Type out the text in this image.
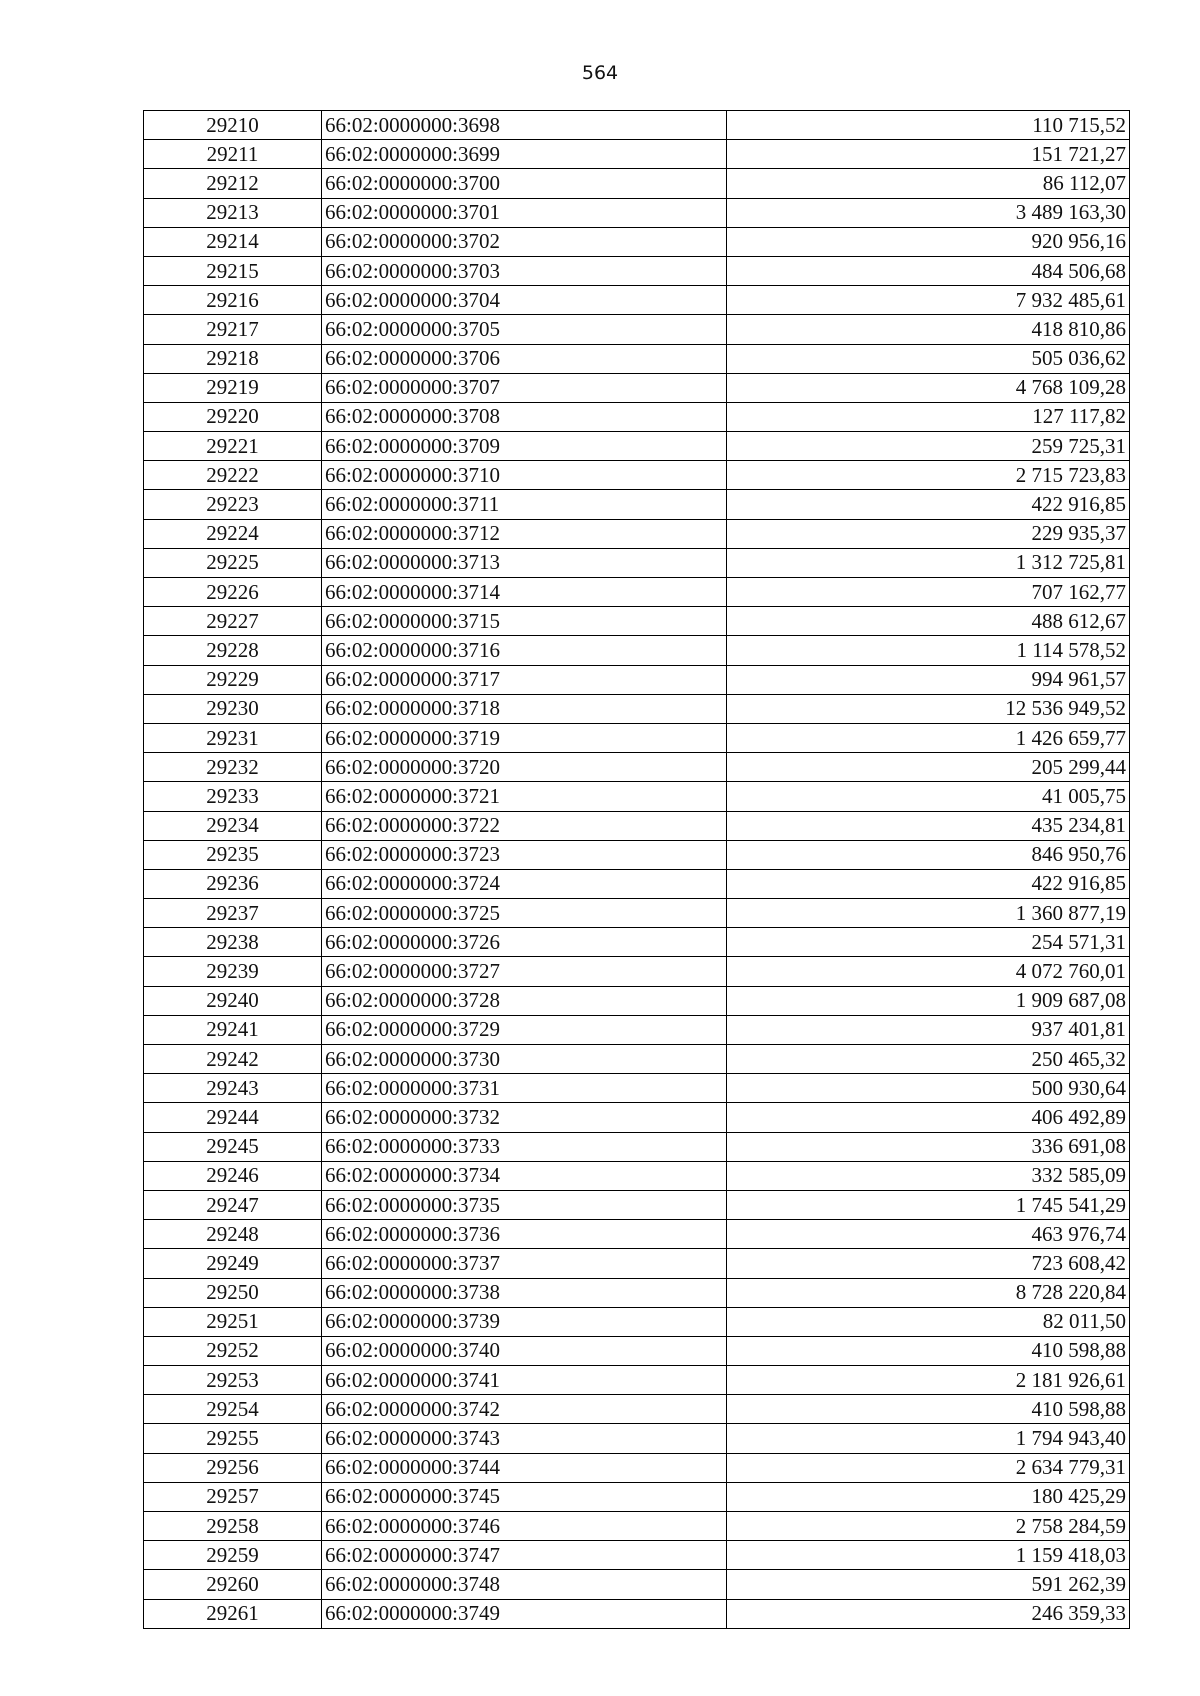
564
29210	66:02:0000000:3698	110 715,52
29211	66:02:0000000:3699	151 721,27
29212	66:02:0000000:3700	86 112,07
29213	66:02:0000000:3701	3 489 163,30
29214	66:02:0000000:3702	920 956,16
29215	66:02:0000000:3703	484 506,68
29216	66:02:0000000:3704	7 932 485,61
29217	66:02:0000000:3705	418 810,86
29218	66:02:0000000:3706	505 036,62
29219	66:02:0000000:3707	4 768 109,28
29220	66:02:0000000:3708	127 117,82
29221	66:02:0000000:3709	259 725,31
29222	66:02:0000000:3710	2 715 723,83
29223	66:02:0000000:3711	422 916,85
29224	66:02:0000000:3712	229 935,37
29225	66:02:0000000:3713	1 312 725,81
29226	66:02:0000000:3714	707 162,77
29227	66:02:0000000:3715	488 612,67
29228	66:02:0000000:3716	1 114 578,52
29229	66:02:0000000:3717	994 961,57
29230	66:02:0000000:3718	12 536 949,52
29231	66:02:0000000:3719	1 426 659,77
29232	66:02:0000000:3720	205 299,44
29233	66:02:0000000:3721	41 005,75
29234	66:02:0000000:3722	435 234,81
29235	66:02:0000000:3723	846 950,76
29236	66:02:0000000:3724	422 916,85
29237	66:02:0000000:3725	1 360 877,19
29238	66:02:0000000:3726	254 571,31
29239	66:02:0000000:3727	4 072 760,01
29240	66:02:0000000:3728	1 909 687,08
29241	66:02:0000000:3729	937 401,81
29242	66:02:0000000:3730	250 465,32
29243	66:02:0000000:3731	500 930,64
29244	66:02:0000000:3732	406 492,89
29245	66:02:0000000:3733	336 691,08
29246	66:02:0000000:3734	332 585,09
29247	66:02:0000000:3735	1 745 541,29
29248	66:02:0000000:3736	463 976,74
29249	66:02:0000000:3737	723 608,42
29250	66:02:0000000:3738	8 728 220,84
29251	66:02:0000000:3739	82 011,50
29252	66:02:0000000:3740	410 598,88
29253	66:02:0000000:3741	2 181 926,61
29254	66:02:0000000:3742	410 598,88
29255	66:02:0000000:3743	1 794 943,40
29256	66:02:0000000:3744	2 634 779,31
29257	66:02:0000000:3745	180 425,29
29258	66:02:0000000:3746	2 758 284,59
29259	66:02:0000000:3747	1 159 418,03
29260	66:02:0000000:3748	591 262,39
29261	66:02:0000000:3749	246 359,33
